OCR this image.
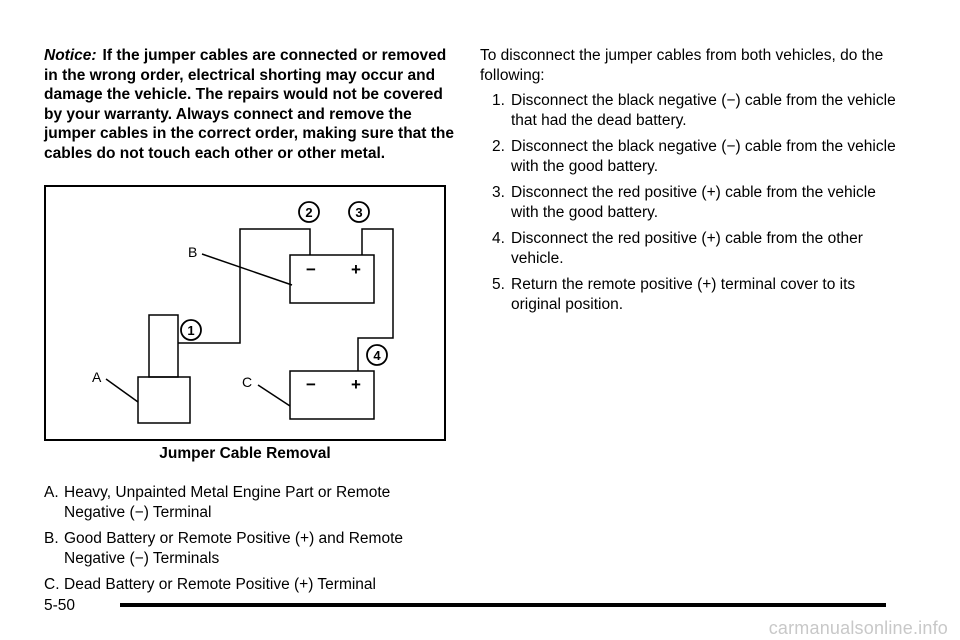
Notice: If the jumper cables are connected or removed in the wrong order, electrical shorting may occur and damage the vehicle. The repairs would not be covered by your warranty. Always connect and remove the jumper cables in the correct order, making sure that the cables do not touch each other or other metal.

− +
− +
B
A	C
1
2	3
4
Jumper Cable Removal
A. Heavy, Unpainted Metal Engine Part or Remote Negative (−) Terminal
B. Good Battery or Remote Positive (+) and Remote Negative (−) Terminals
C. Dead Battery or Remote Positive (+) Terminal

To disconnect the jumper cables from both vehicles, do the following:

1. Disconnect the black negative (−) cable from the vehicle that had the dead battery.
2. Disconnect the black negative (−) cable from the vehicle with the good battery.
3. Disconnect the red positive (+) cable from the vehicle with the good battery.
4. Disconnect the red positive (+) cable from the other vehicle.
5. Return the remote positive (+) terminal cover to its original position.
5-50
carmanualsonline.info
